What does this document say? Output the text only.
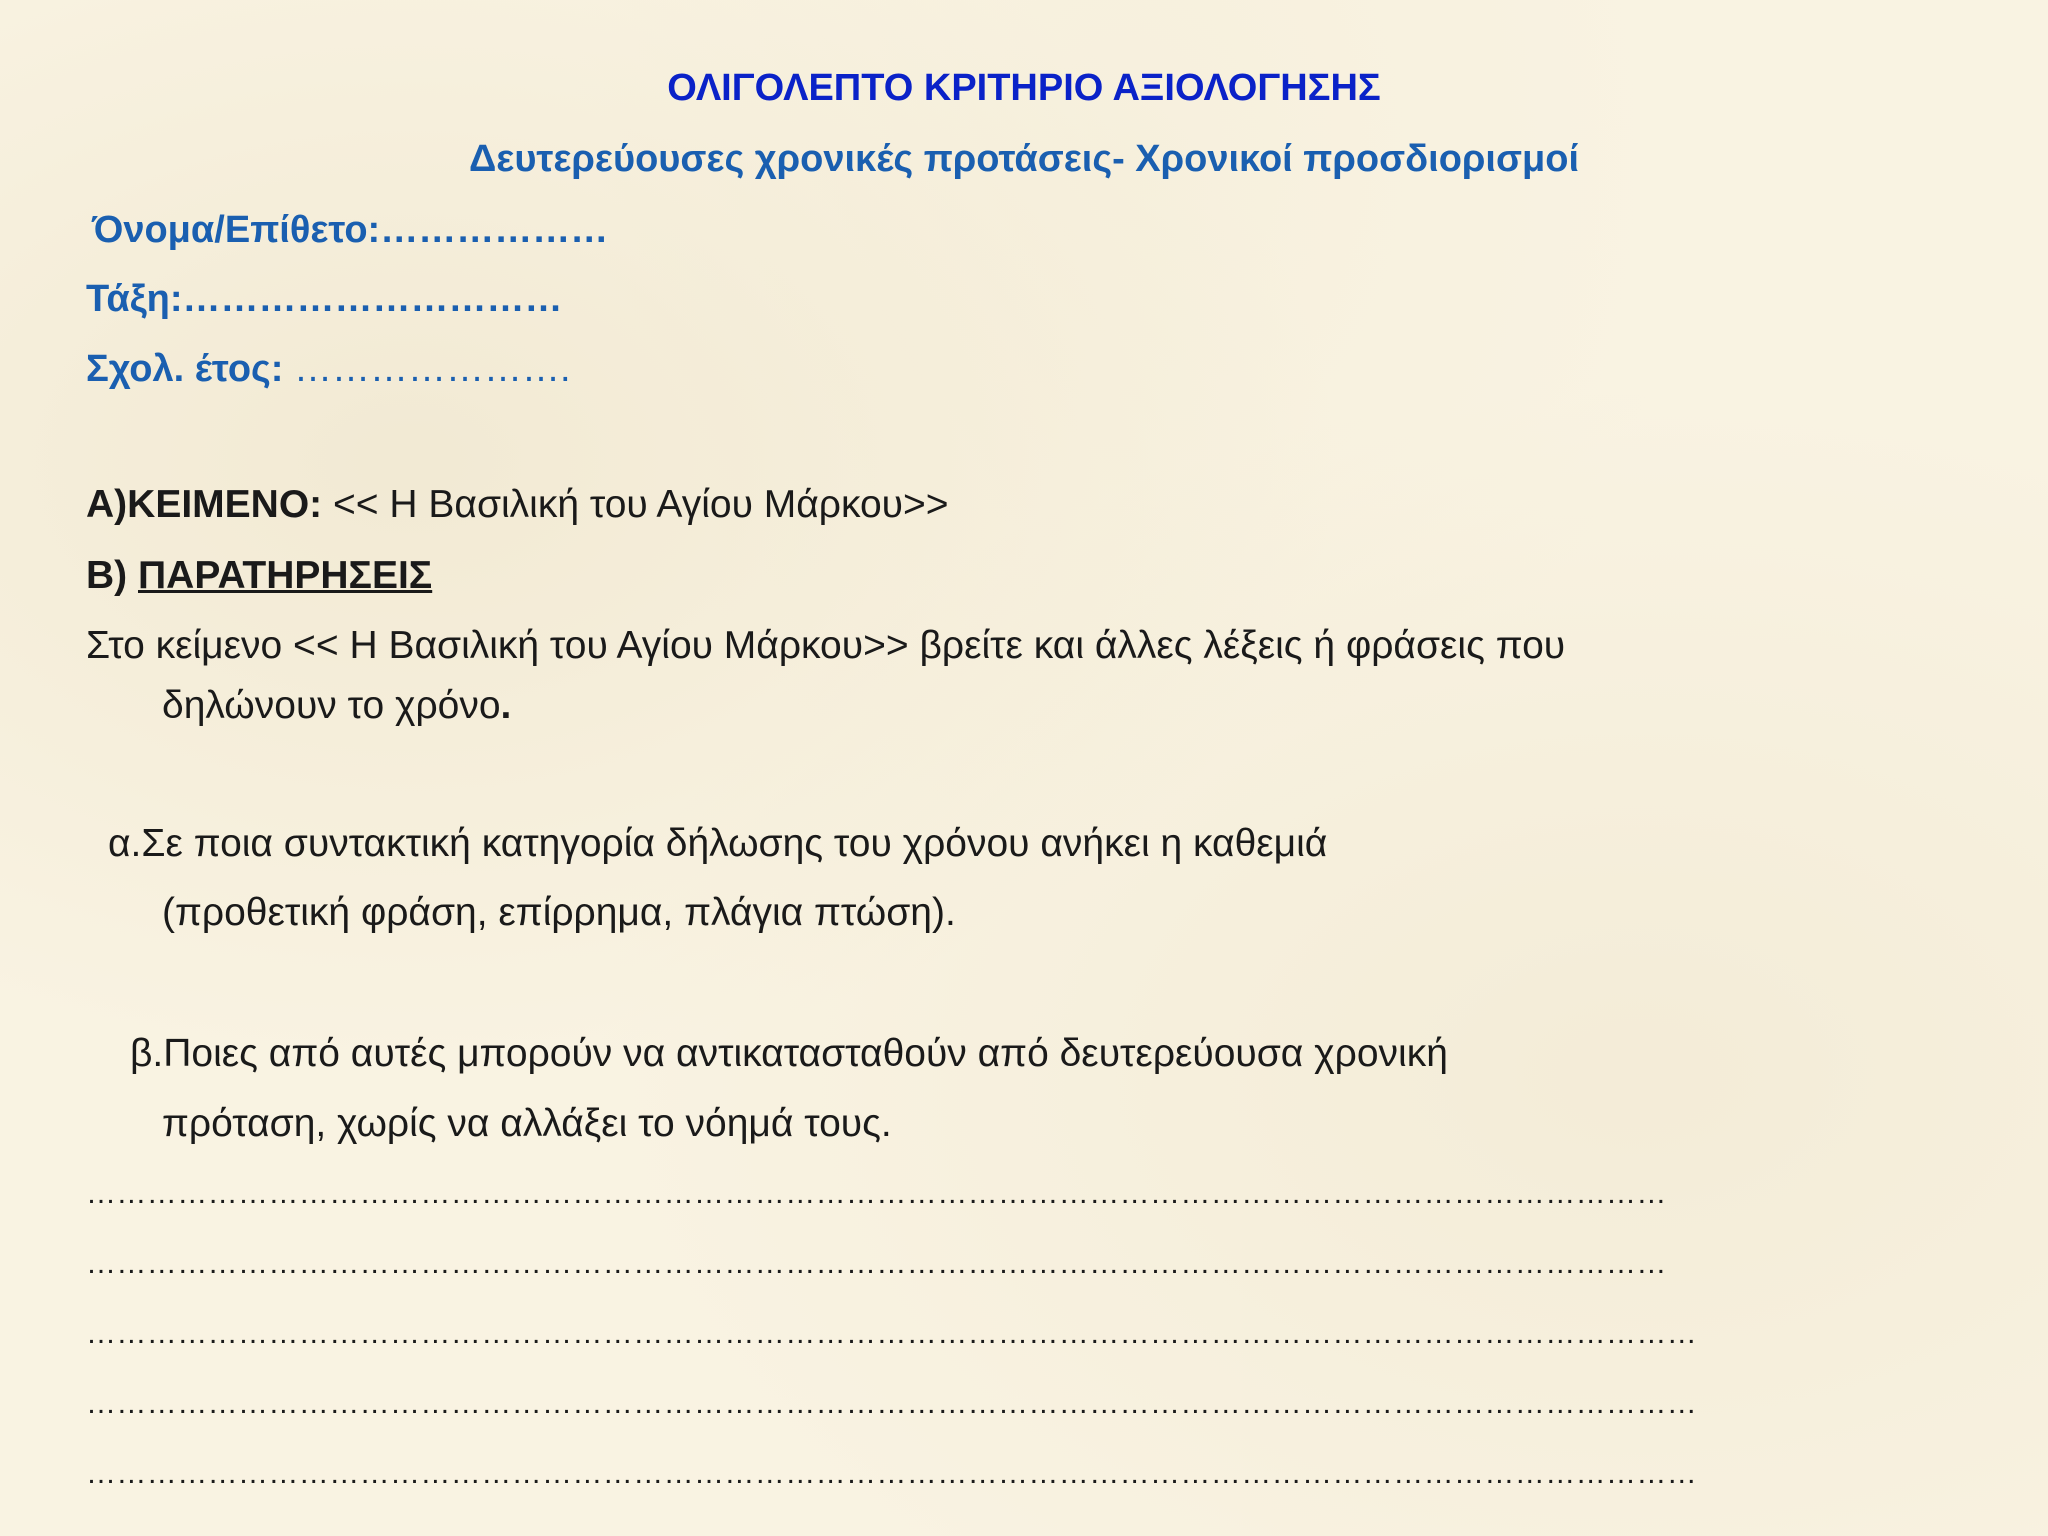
ΟΛΙΓΟΛΕΠΤΟ ΚΡΙΤΗΡΙΟ ΑΞΙΟΛΟΓΗΣΗΣ
Δευτερεύουσες χρονικές προτάσεις- Χρονικοί προσδιορισμοί
Όνομα/Επίθετο:………………
Τάξη:…………………………
Σχολ. έτος: ………………….
Α)ΚΕΙΜΕΝΟ: << Η Βασιλική του Αγίου Μάρκου>>
Β) ΠΑΡΑΤΗΡΗΣΕΙΣ
Στο κείμενο << Η Βασιλική του Αγίου Μάρκου>> βρείτε και άλλες λέξεις ή φράσεις που
δηλώνουν το χρόνο.
α.Σε ποια συντακτική κατηγορία δήλωσης του χρόνου ανήκει η καθεμιά
(προθετική φράση, επίρρημα, πλάγια πτώση).
β.Ποιες από αυτές μπορούν να αντικατασταθούν από δευτερεύουσα χρονική
πρόταση, χωρίς να αλλάξει το νόημά τους.
…………………………………………………………………………………………………………………………………………
…………………………………………………………………………………………………………………………………………
……………………………………………………………………………………………………………………………………………
……………………………………………………………………………………………………………………………………………
……………………………………………………………………………………………………………………………………………
